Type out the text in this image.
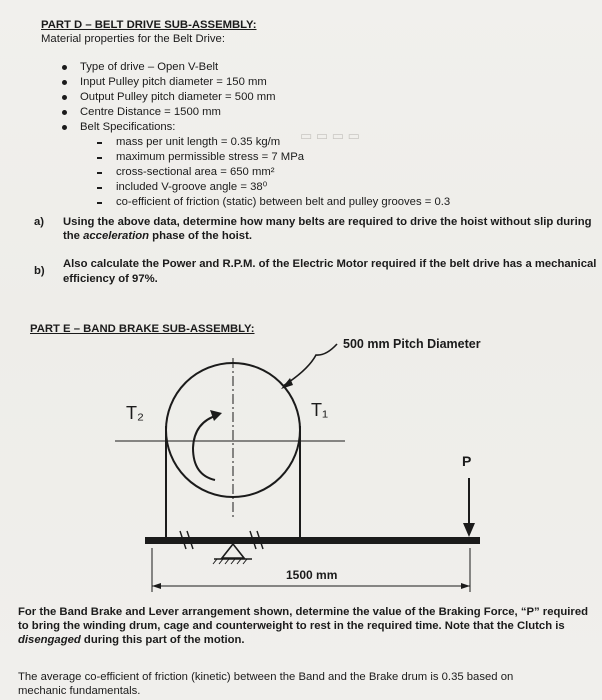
▭ ▭ ▭ ▭
PART D – BELT DRIVE SUB-ASSEMBLY:
Material properties for the Belt Drive:
Type of drive – Open V-Belt
Input Pulley pitch diameter = 150 mm
Output Pulley pitch diameter = 500 mm
Centre Distance = 1500 mm
Belt Specifications:
mass per unit length = 0.35 kg/m
maximum permissible stress = 7 MPa
cross-sectional area = 650 mm²
included V-groove angle = 38⁰
co-efficient of friction (static) between belt and pulley grooves = 0.3
a) Using the above data, determine how many belts are required to drive the hoist without slip during
the acceleration phase of the hoist.
b)
Also calculate the Power and R.P.M. of the Electric Motor required if the belt drive has a mechanical
efficiency of 97%.
PART E – BAND BRAKE SUB-ASSEMBLY:
500 mm Pitch Diameter
T₂	T₁
P
1500 mm
For the Band Brake and Lever arrangement shown, determine the value of the Braking Force, “P” required
to bring the winding drum, cage and counterweight to rest in the required time. Note that the Clutch is
disengaged during this part of the motion.
The average co-efficient of friction (kinetic) between the Band and the Brake drum is 0.35 based on
mechanic fundamentals.
